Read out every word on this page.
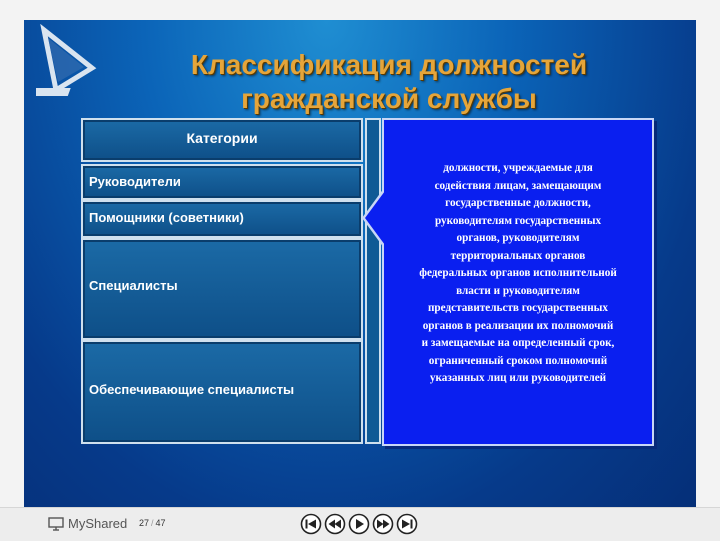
Классификация должностей
гражданской службы
Категории
Руководители
Помощники (советники)
Специалисты
Обеспечивающие специалисты
должности, учреждаемые для
содействия лицам, замещающим
государственные должности,
руководителям государственных
органов, руководителям
территориальных органов
федеральных органов исполнительной
власти и руководителям
представительств государственных
органов в реализации их полномочий
и замещаемые на определенный срок,
ограниченный сроком полномочий
указанных лиц или руководителей
MyShared 27 / 47
